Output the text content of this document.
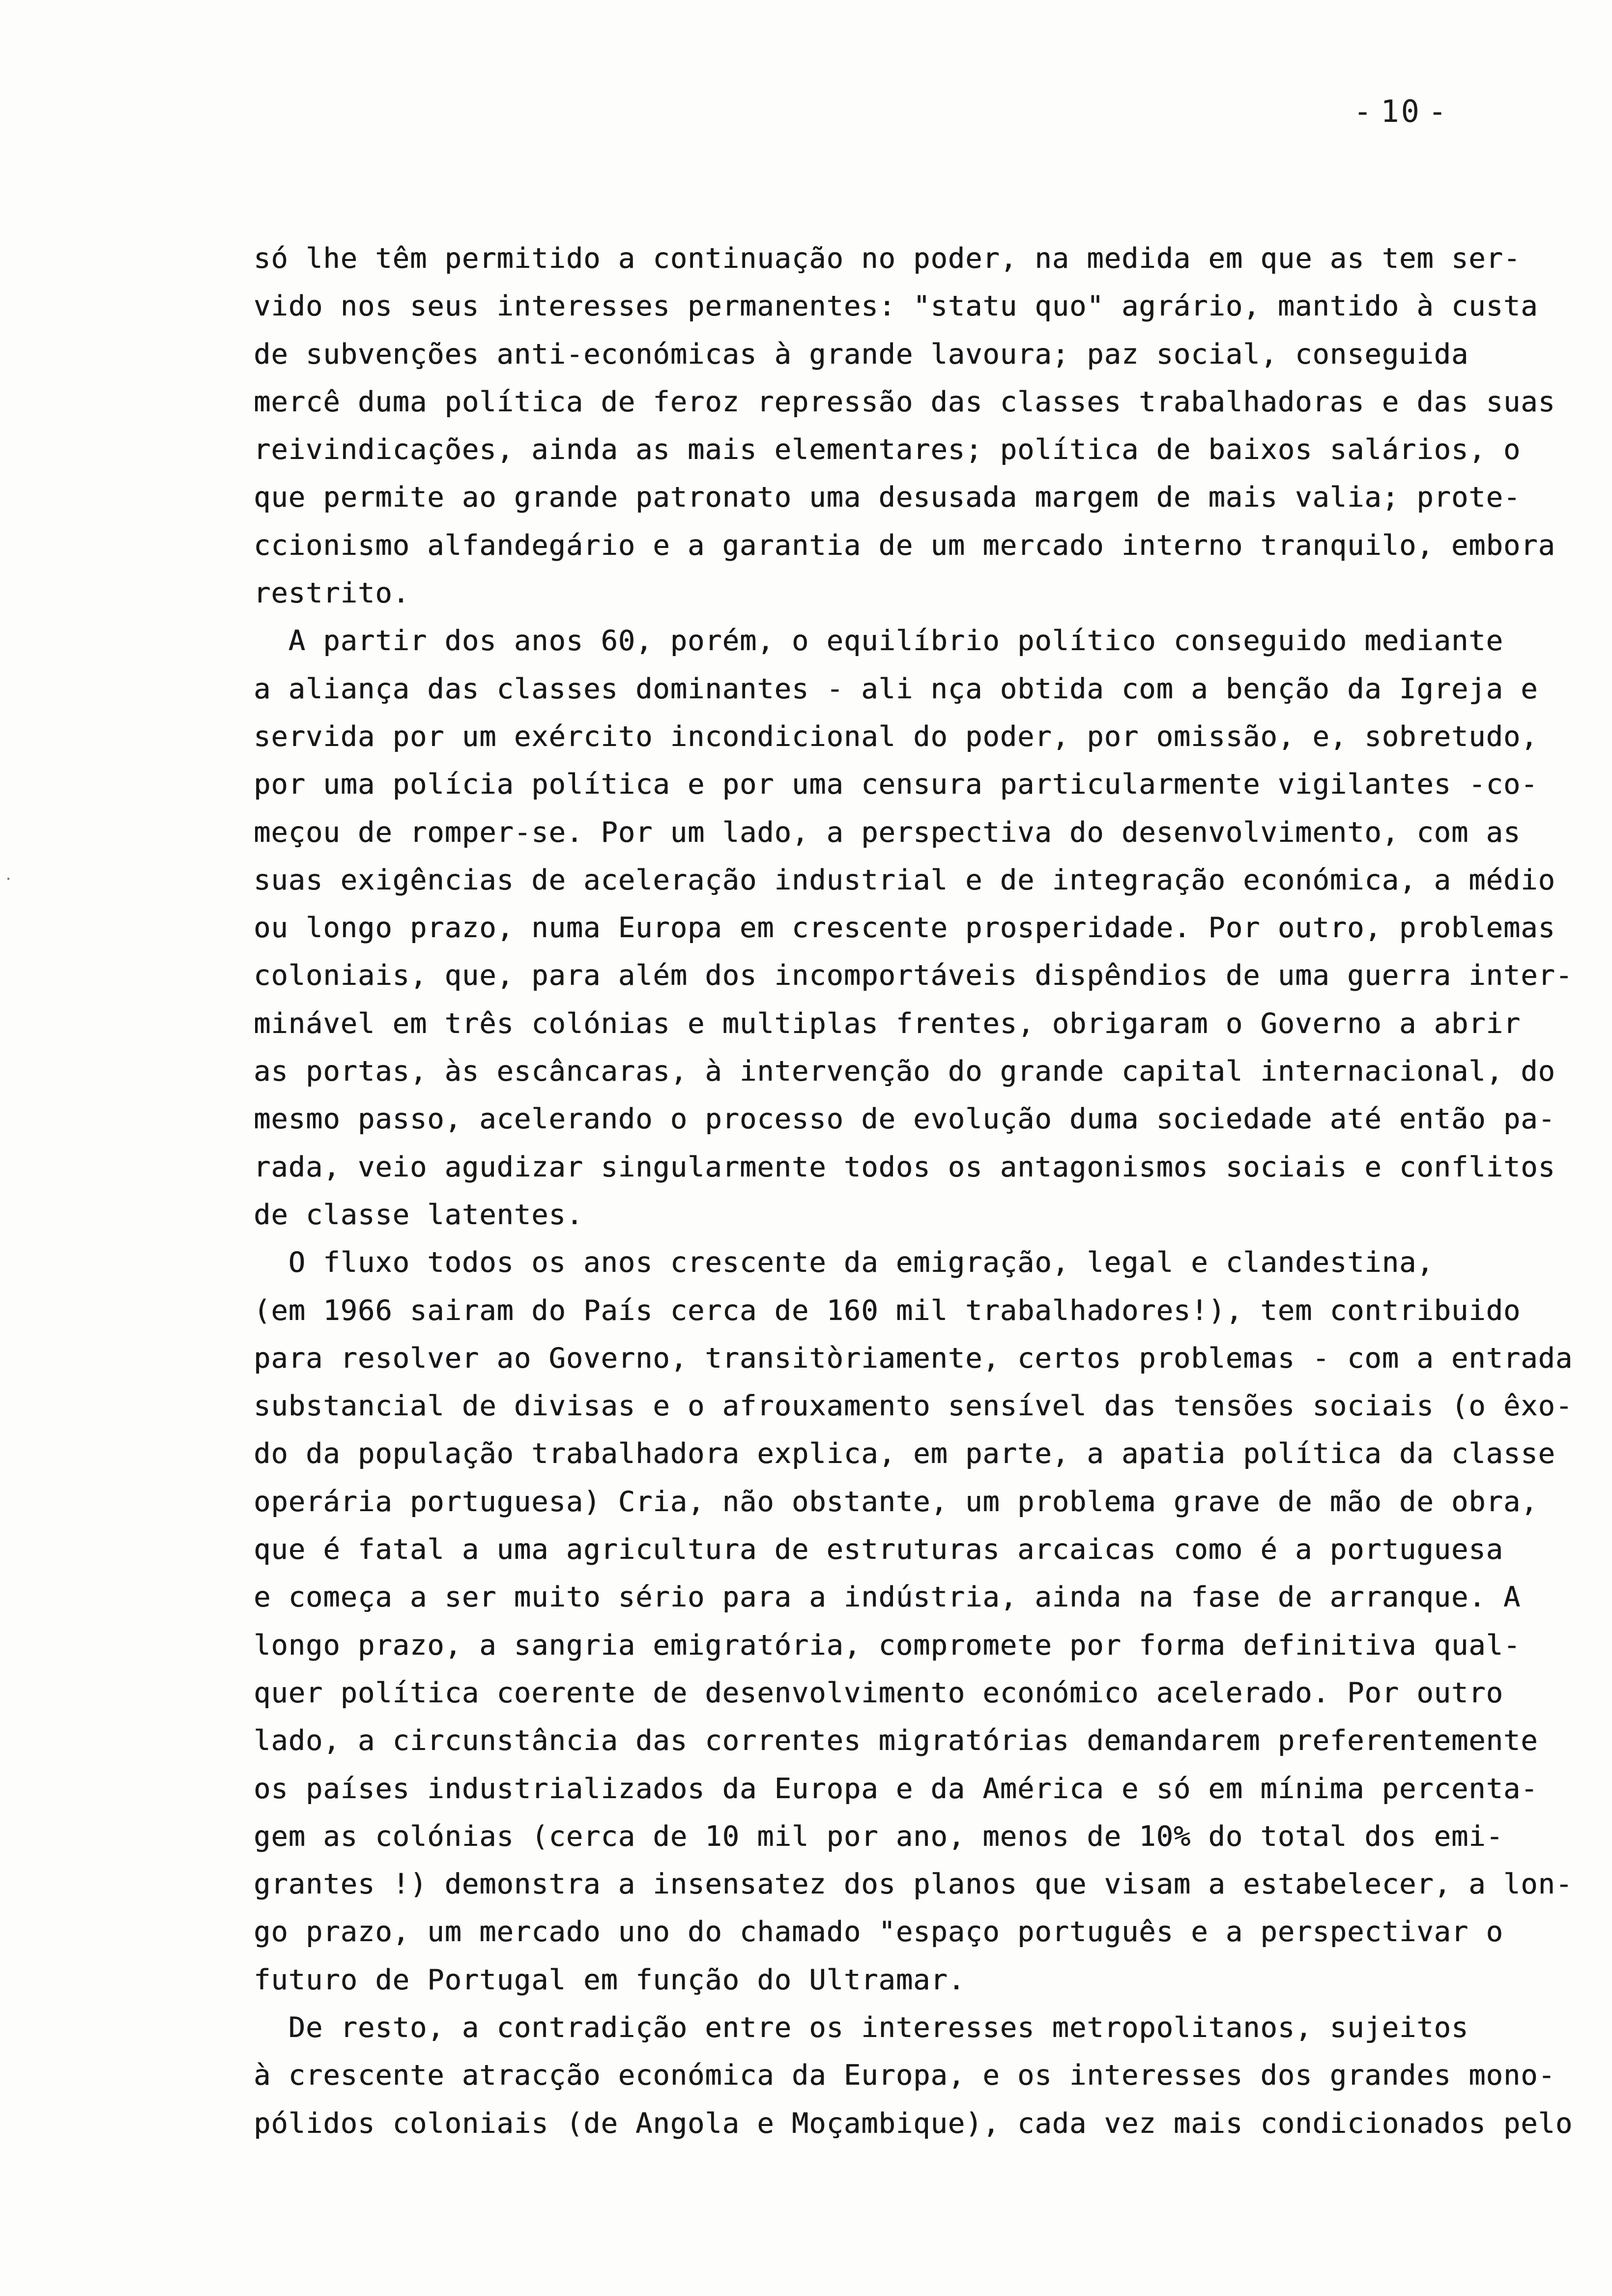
- 10 -
·
só lhe têm permitido a continuação no poder, na medida em que as tem ser-
vido nos seus interesses permanentes: "statu quo" agrário, mantido à custa
de subvenções anti-económicas à grande lavoura; paz social, conseguida
mercê duma política de feroz repressão das classes trabalhadoras e das suas
reivindicações, ainda as mais elementares; política de baixos salários, o
que permite ao grande patronato uma desusada margem de mais valia; prote-
ccionismo alfandegário e a garantia de um mercado interno tranquilo, embora
restrito.
A partir dos anos 60, porém, o equilíbrio político conseguido mediante
a aliança das classes dominantes - ali nça obtida com a benção da Igreja e
servida por um exército incondicional do poder, por omissão, e, sobretudo,
por uma polícia política e por uma censura particularmente vigilantes -co-
meçou de romper-se. Por um lado, a perspectiva do desenvolvimento, com as
suas exigências de aceleração industrial e de integração económica, a médio
ou longo prazo, numa Europa em crescente prosperidade. Por outro, problemas
coloniais, que, para além dos incomportáveis dispêndios de uma guerra inter-
minável em três colónias e multiplas frentes, obrigaram o Governo a abrir
as portas, às escâncaras, à intervenção do grande capital internacional, do
mesmo passo, acelerando o processo de evolução duma sociedade até então pa-
rada, veio agudizar singularmente todos os antagonismos sociais e conflitos
de classe latentes.
O fluxo todos os anos crescente da emigração, legal e clandestina,
(em 1966 sairam do País cerca de 160 mil trabalhadores!), tem contribuido
para resolver ao Governo, transitòriamente, certos problemas - com a entrada
substancial de divisas e o afrouxamento sensível das tensões sociais (o êxo-
do da população trabalhadora explica, em parte, a apatia política da classe
operária portuguesa) Cria, não obstante, um problema grave de mão de obra,
que é fatal a uma agricultura de estruturas arcaicas como é a portuguesa
e começa a ser muito sério para a indústria, ainda na fase de arranque. A
longo prazo, a sangria emigratória, compromete por forma definitiva qual-
quer política coerente de desenvolvimento económico acelerado. Por outro
lado, a circunstância das correntes migratórias demandarem preferentemente
os países industrializados da Europa e da América e só em mínima percenta-
gem as colónias (cerca de 10 mil por ano, menos de 10% do total dos emi-
grantes !) demonstra a insensatez dos planos que visam a estabelecer, a lon-
go prazo, um mercado uno do chamado "espaço português e a perspectivar o
futuro de Portugal em função do Ultramar.
De resto, a contradição entre os interesses metropolitanos, sujeitos
à crescente atracção económica da Europa, e os interesses dos grandes mono-
pólidos coloniais (de Angola e Moçambique), cada vez mais condicionados pelo
